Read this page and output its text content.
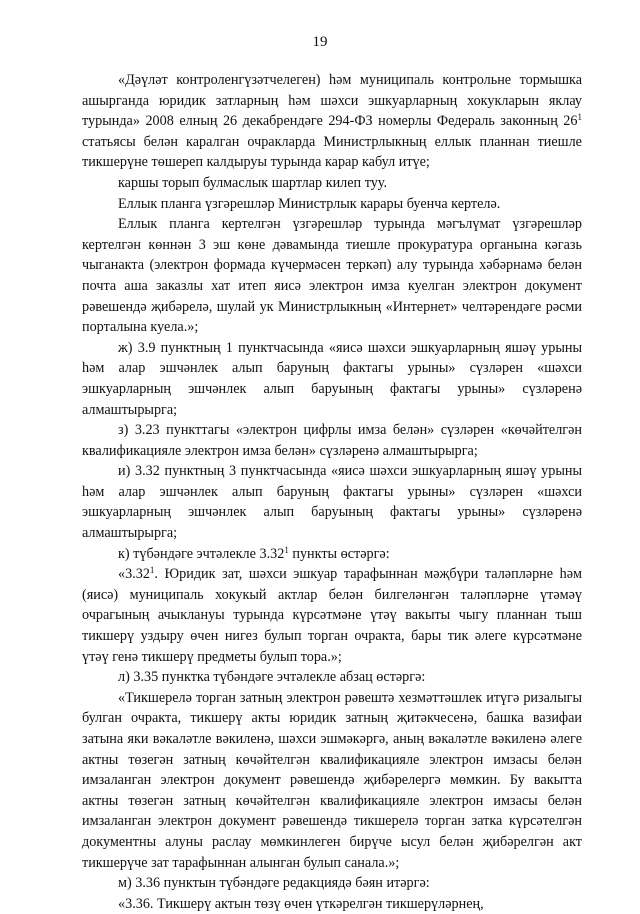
19

«Дәүләт контроленгүзәтчелеген) һәм муниципаль контрольне тормышка ашырганда юридик затларның һәм шәхси эшкуарларның хокукларын яклау турында» 2008 елның 26 декабрендәге 294-ФЗ номерлы Федераль законның $26^1$ статьясы белән каралган очракларда Министрлыкның еллык планнан тиешле тикшерүне төшереп калдыруы турында карар кабул итүе;

каршы торып булмаслык шартлар килеп туу.

Еллык планга үзгәрешләр Министрлык карары буенча кертелә.

Еллык планга кертелгән үзгәрешләр турында мәгълүмат үзгәрешләр кертелгән көннән 3 эш көне дәвамында тиешле прокуратура органына кәгазь чыганакта (электрон формада күчермәсен теркәп) алу турында хәбәрнамә белән почта аша заказлы хат итеп яисә электрон имза куелган электрон документ рәвешендә җибәрелә, шулай ук Министрлыкның «Интернет» челтәрендәге рәсми порталына куела.»;

ж) 3.9 пунктның 1 пунктчасында «яисә шәхси эшкуарларның яшәү урыны һәм алар эшчәнлек алып баруның фактагы урыны» сүзләрен «шәхси эшкуарларның эшчәнлек алып баруының фактагы урыны» сүзләренә алмаштырырга;

з) 3.23 пункттагы «электрон цифрлы имза белән» сүзләрен «көчәйтелгән квалификацияле электрон имза белән» сүзләренә алмаштырырга;

и) 3.32 пунктның 3 пунктчасында «яисә шәхси эшкуарларның яшәү урыны һәм алар эшчәнлек алып баруның фактагы урыны» сүзләрен «шәхси эшкуарларның эшчәнлек алып баруының фактагы урыны» сүзләренә алмаштырырга;

к) түбәндәге эчтәлекле 3.32$^1$ пункты өстәргә:

«3.32$^1$. Юридик зат, шәхси эшкуар тарафыннан мәҗбүри таләпләрне һәм (яисә) муниципаль хокукый актлар белән билгеләнгән таләпләрне үтәмәү очрагының ачыклануы турында күрсәтмәне үтәү вакыты чыгу планнан тыш тикшерү уздыру өчен нигез булып торган очракта, бары тик әлеге күрсәтмәне үтәү генә тикшерү предметы булып тора.»;

л) 3.35 пунктка түбәндәге эчтәлекле абзац өстәргә:

«Тикшерелә торган затның электрон рәвештә хезмәттәшлек итүгә ризалыгы булган очракта, тикшерү акты юридик затның җитәкчесенә, башка вазифаи затына яки вәкаләтле вәкиленә, шәхси эшмәкәргә, аның вәкаләтле вәкиленә әлеге актны төзегән затның көчәйтелгән квалификацияле электрон имзасы белән имзаланган электрон документ рәвешендә җибәрелергә мөмкин. Бу вакытта актны төзегән затның көчәйтелгән квалификацияле электрон имзасы белән имзаланган электрон документ рәвешендә тикшерелә торган затка күрсәтелгән документны алуны раслау мөмкинлеген бирүче ысул белән җибәрелгән акт тикшерүче зат тарафыннан алынган булып санала.»;

м) 3.36 пунктын түбәндәге редакциядә бәян итәргә:

«3.36. Тикшерү актын төзү өчен үткәрелгән тикшерүләрнең,
